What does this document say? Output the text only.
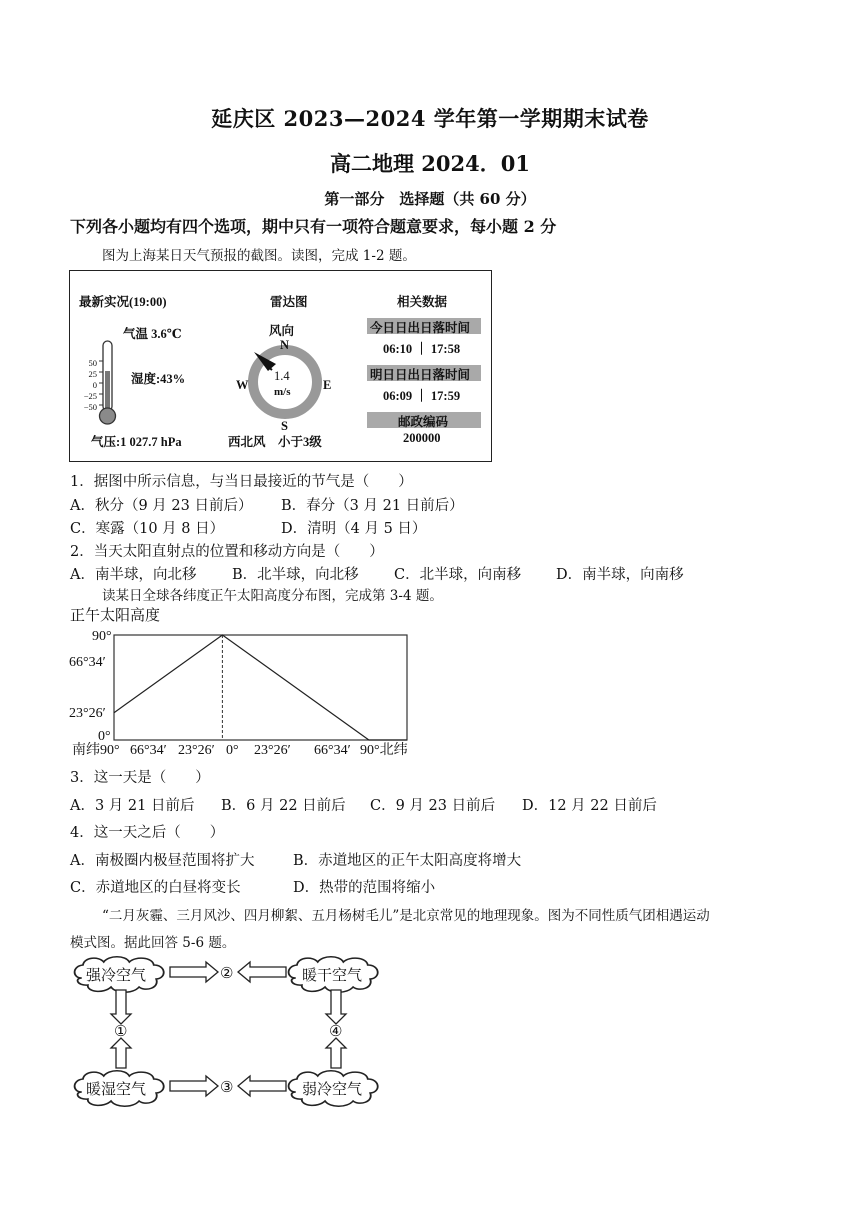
延庆区 2023—2024 学年第一学期期末试卷
高二地理 2024．01
第一部分　选择题（共 60 分）
下列各小题均有四个选项，期中只有一项符合题意要求，每小题 2 分
图为上海某日天气预报的截图。读图，完成 1-2 题。
最新实况(19:00)
气温 3.6℃
湿度:43%
气压:1 027.7 hPa
50
25
0
−25
−50
雷达图
风向
N
W	E
S
1.4
m/s
西北风　小于3级
相关数据
今日日出日落时间
06:10 ｜ 17:58
明日日出日落时间
06:09 ｜ 17:59
邮政编码
200000
1．据图中所示信息，与当日最接近的节气是（　　）
A．秋分（9 月 23 日前后） B．春分（3 月 21 日前后）
C．寒露（10 月 8 日）	D．清明（4 月 5 日）
2．当天太阳直射点的位置和移动方向是（　　）
A．南半球，向北移 B．北半球，向北移 C．北半球，向南移 D．南半球，向南移
读某日全球各纬度正午太阳高度分布图，完成第 3-4 题。
正午太阳高度
90°
66°34′
23°26′
0°
南纬90° 66°34′ 23°26′ 0° 23°26′ 66°34′ 90°北纬
3．这一天是（　　）
A．3 月 21 日前后 B．6 月 22 日前后 C．9 月 23 日前后 D．12 月 22 日前后
4．这一天之后（　　）
A．南极圈内极昼范围将扩大	B．赤道地区的正午太阳高度将增大
C．赤道地区的白昼将变长	D．热带的范围将缩小
“二月灰霾、三月风沙、四月柳絮、五月杨树毛儿”是北京常见的地理现象。图为不同性质气团相遇运动
模式图。据此回答 5-6 题。
强冷空气	暖干空气
暖湿空气	弱冷空气
②
③
①	④
